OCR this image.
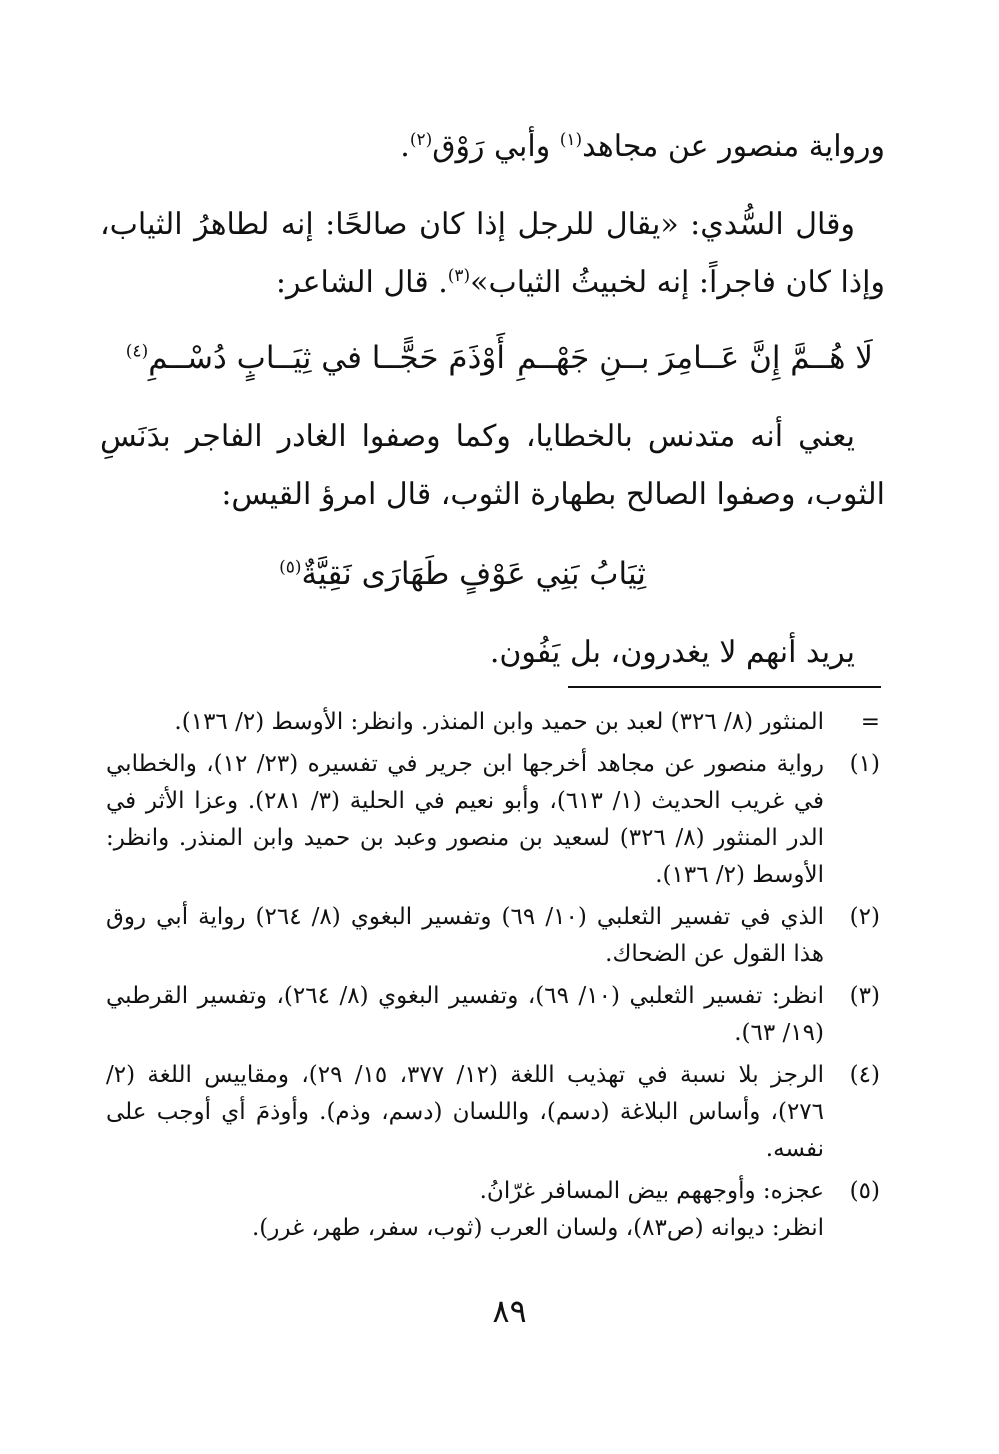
ورواية منصور عن مجاهد$^{(١)}$ وأبي رَوْق$^{(٢)}$.

وقال السُّدي: «يقال للرجل إذا كان صالحًا: إنه لطاهرُ الثياب، وإذا كان فاجراً: إنه لخبيثُ الثياب»$^{(٣)}$. قال الشاعر:

لَا هُــمَّ إِنَّ عَــامِرَ بــنِ جَهْــمِ
أَوْذَمَ حَجًّــا في ثِيَــابٍ دُسْــمِ$^{(٤)}$

يعني أنه متدنس بالخطايا، وكما وصفوا الغادر الفاجر بدَنَسِ الثوب، وصفوا الصالح بطهارة الثوب، قال امرؤ القيس:

ثِيَابُ بَنِي عَوْفٍ طَهَارَى نَقِيَّةٌ$^{(٥)}$

يريد أنهم لا يغدرون، بل يَفُون.

=
المنثور (٨/ ٣٢٦) لعبد بن حميد وابن المنذر. وانظر: الأوسط (٢/ ١٣٦).
(١)
رواية منصور عن مجاهد أخرجها ابن جرير في تفسيره (٢٣/ ١٢)، والخطابي في غريب الحديث (١/ ٦١٣)، وأبو نعيم في الحلية (٣/ ٢٨١). وعزا الأثر في الدر المنثور (٨/ ٣٢٦) لسعيد بن منصور وعبد بن حميد وابن المنذر. وانظر: الأوسط (٢/ ١٣٦).
(٢)
الذي في تفسير الثعلبي (١٠/ ٦٩) وتفسير البغوي (٨/ ٢٦٤) رواية أبي روق هذا القول عن الضحاك.
(٣)
انظر: تفسير الثعلبي (١٠/ ٦٩)، وتفسير البغوي (٨/ ٢٦٤)، وتفسير القرطبي (١٩/ ٦٣).
(٤)
الرجز بلا نسبة في تهذيب اللغة (١٢/ ٣٧٧، ١٥/ ٢٩)، ومقاييس اللغة (٢/ ٢٧٦)، وأساس البلاغة (دسم)، واللسان (دسم، وذم). وأوذمَ أي أوجب على نفسه.
(٥)
عجزه: وأوجههم بيض المسافر غرّانُ.
انظر: ديوانه (ص٨٣)، ولسان العرب (ثوب، سفر، طهر، غرر).
٨٩
